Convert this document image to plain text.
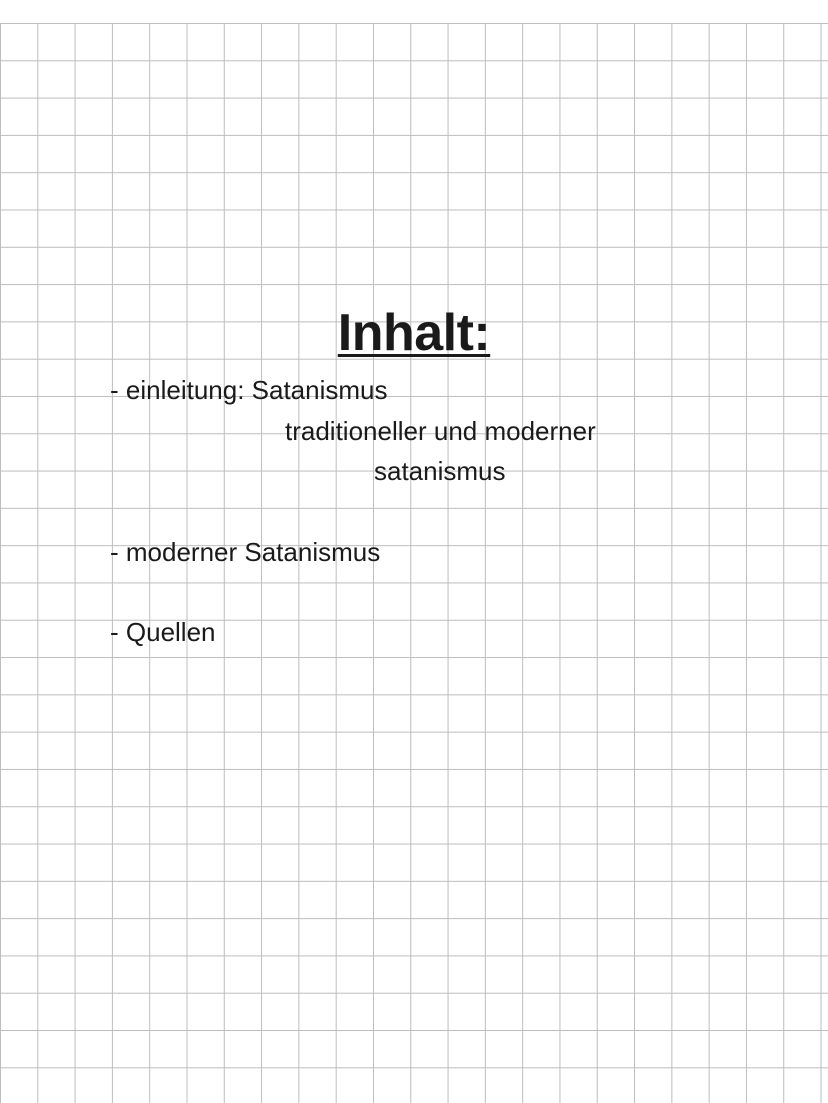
Inhalt:
- einleitung: Satanismus
traditioneller und moderner
satanismus
- moderner Satanismus
- Quellen
